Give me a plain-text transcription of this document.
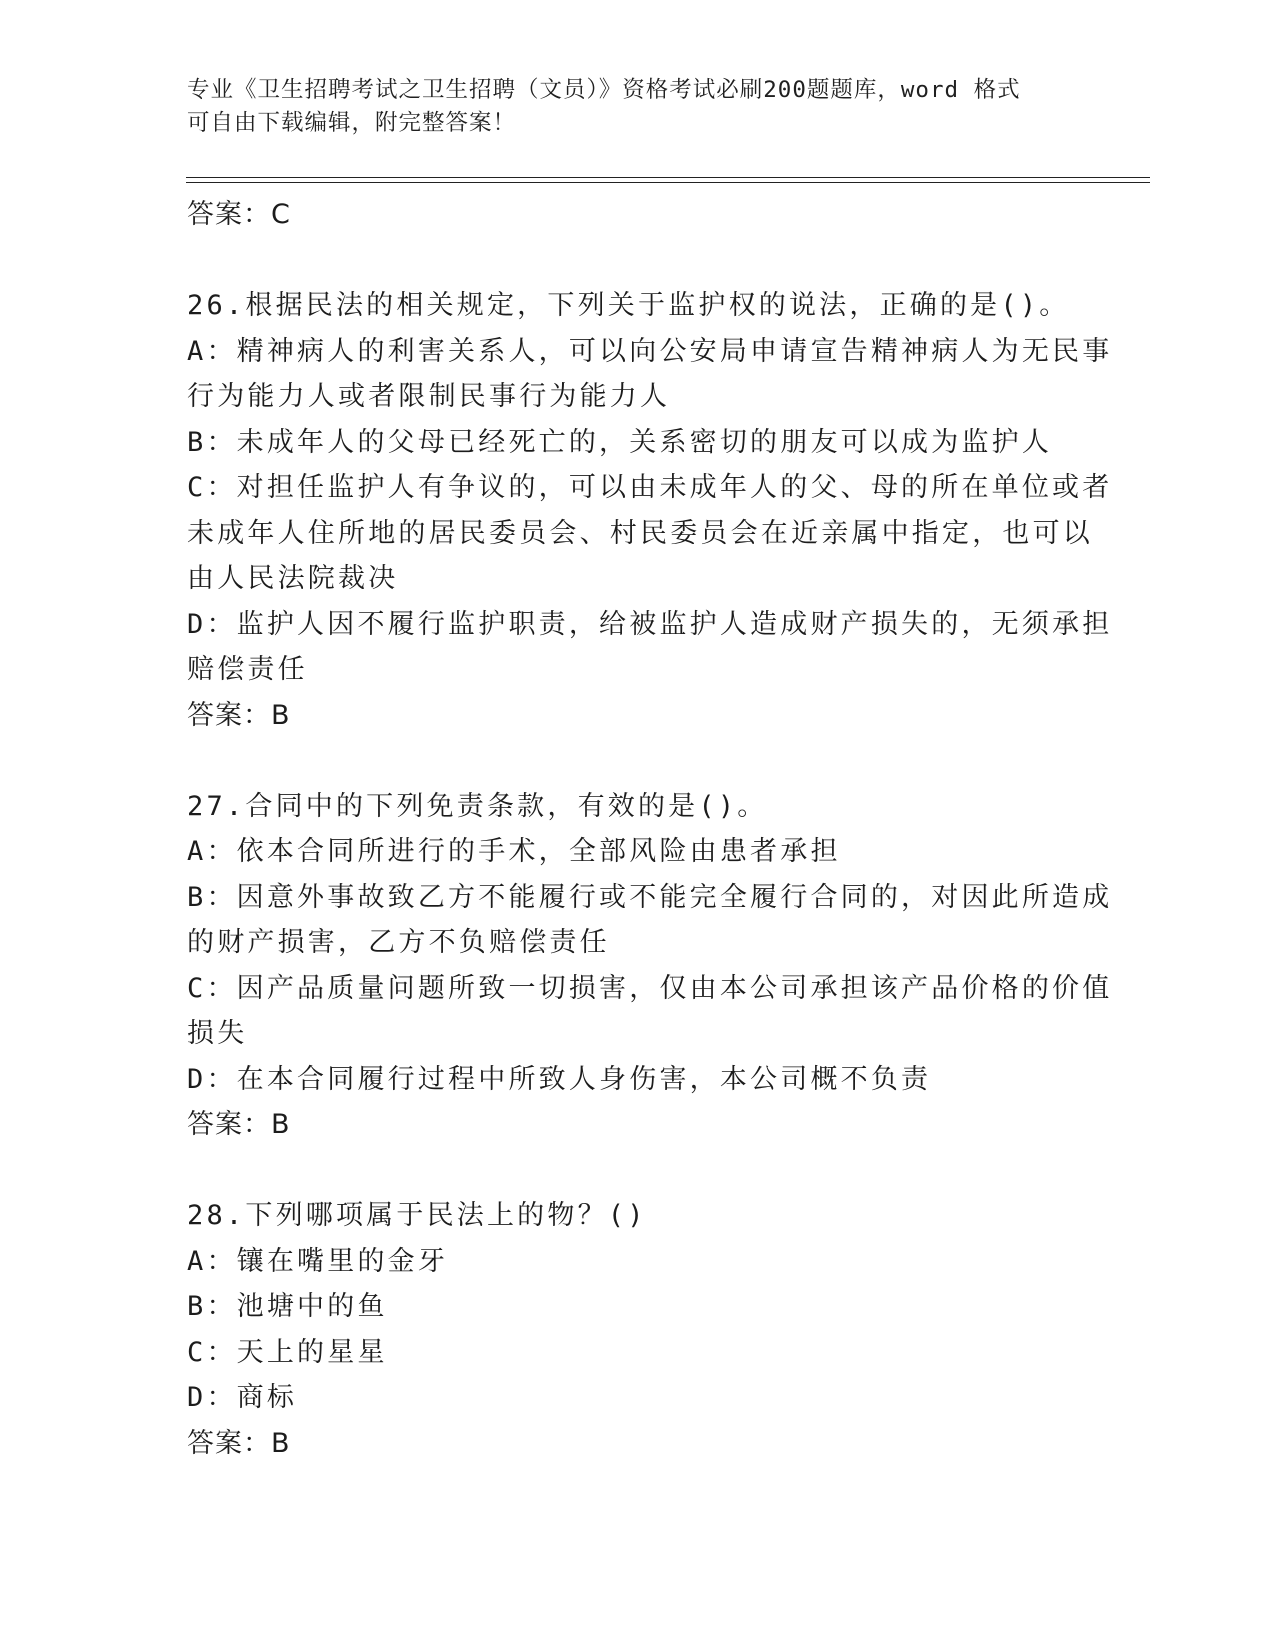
专业《卫生招聘考试之卫生招聘（文员）》资格考试必刷200题题库，word 格式
可自由下载编辑，附完整答案！
答案：C
26.根据民法的相关规定，下列关于监护权的说法，正确的是()。
A：精神病人的利害关系人，可以向公安局申请宣告精神病人为无民事
行为能力人或者限制民事行为能力人
B：未成年人的父母已经死亡的，关系密切的朋友可以成为监护人
C：对担任监护人有争议的，可以由未成年人的父、母的所在单位或者
未成年人住所地的居民委员会、村民委员会在近亲属中指定，也可以
由人民法院裁决
D：监护人因不履行监护职责，给被监护人造成财产损失的，无须承担
赔偿责任
答案：B
27.合同中的下列免责条款，有效的是()。
A：依本合同所进行的手术，全部风险由患者承担
B：因意外事故致乙方不能履行或不能完全履行合同的，对因此所造成
的财产损害，乙方不负赔偿责任
C：因产品质量问题所致一切损害，仅由本公司承担该产品价格的价值
损失
D：在本合同履行过程中所致人身伤害，本公司概不负责
答案：B
28.下列哪项属于民法上的物？()
A：镶在嘴里的金牙
B：池塘中的鱼
C：天上的星星
D：商标
答案：B
